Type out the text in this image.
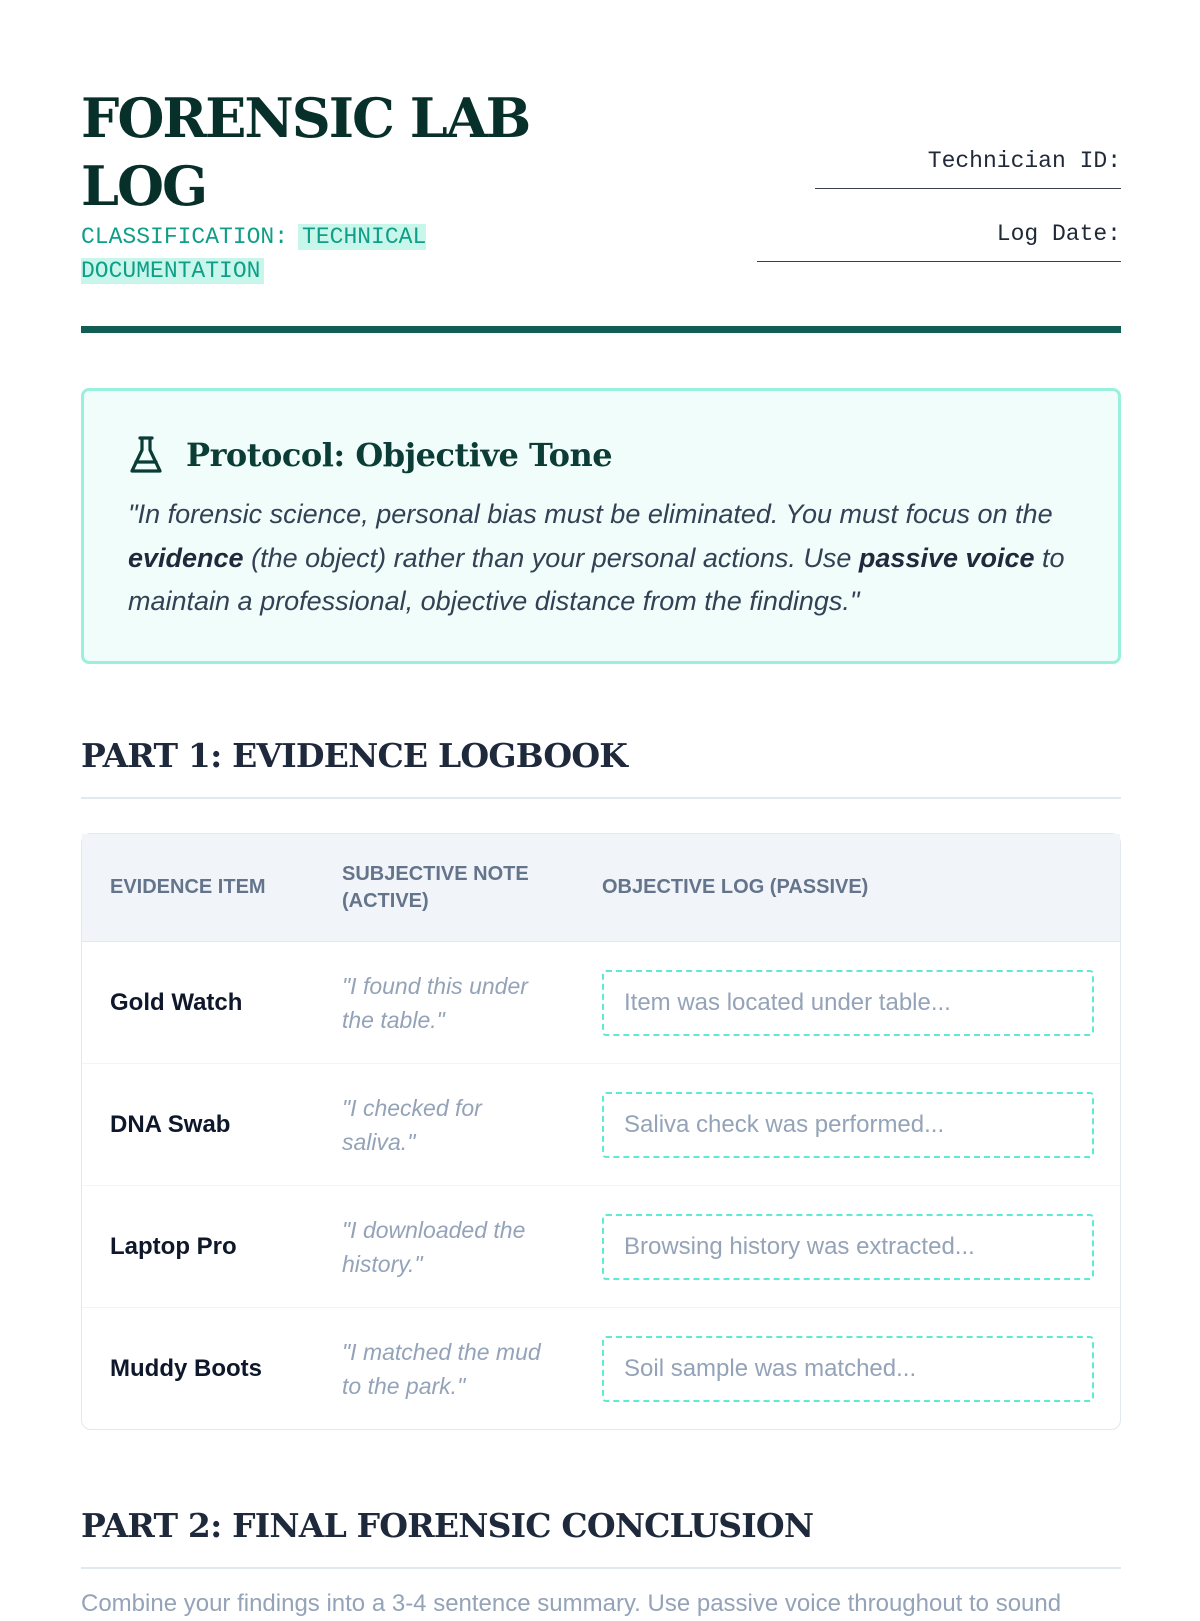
FORENSIC LAB LOG
CLASSIFICATION: TECHNICAL DOCUMENTATION
Technician ID:
Log Date:
Protocol: Objective Tone

"In forensic science, personal bias must be eliminated. You must focus on the evidence (the object) rather than your personal actions. Use passive voice to maintain a professional, objective distance from the findings."

PART 1: EVIDENCE LOGBOOK
EVIDENCE ITEM
SUBJECTIVE NOTE (ACTIVE)
OBJECTIVE LOG (PASSIVE)
Gold Watch
"I found this under the table."
Item was located under table...
DNA Swab
"I checked for saliva."
Saliva check was performed...
Laptop Pro
"I downloaded the history."
Browsing history was extracted...
Muddy Boots
"I matched the mud to the park."
Soil sample was matched...
PART 2: FINAL FORENSIC CONCLUSION

Combine your findings into a 3-4 sentence summary. Use passive voice throughout to sound
